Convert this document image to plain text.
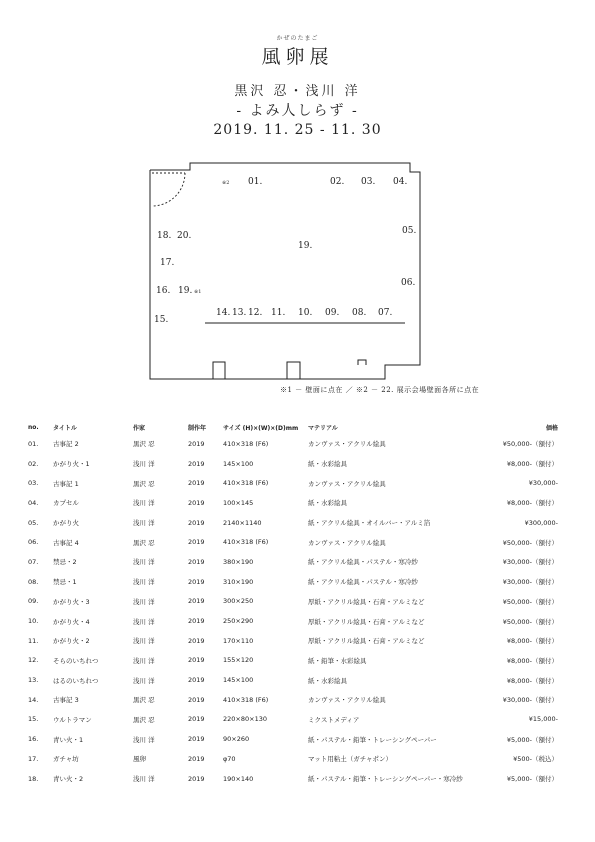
かぜのたまご
風卵展
黒沢 忍・浅川 洋
- よみ人しらず -
2019. 11. 25 - 11. 30
※2 01.	02. 03. 04.
05.
06.
18. 20.
19.
17.
16. 19. ※1
15.
14. 13. 12. 11. 10. 09. 08. 07.
※1 － 壁面に点在 ／ ※2 － 22. 展示会場壁面各所に点在
no.	タイトル	作家	制作年	サイズ (H)×(W)×(D)mm	マテリアル	価格
01.	古事記 2	黒沢 忍	2019	410×318 (F6)	カンヴァス・アクリル絵具	¥50,000-（額付）
02.	かがり火・1	浅川 洋	2019	145×100	紙・水彩絵具	¥8,000-（額付）
03.	古事記 1	黒沢 忍	2019	410×318 (F6)	カンヴァス・アクリル絵具	¥30,000-
04.	カプセル	浅川 洋	2019	100×145	紙・水彩絵具	¥8,000-（額付）
05.	かがり火	浅川 洋	2019	2140×1140	紙・アクリル絵具・オイルバー・アルミ箔	¥300,000-
06.	古事記 4	黒沢 忍	2019	410×318 (F6)	カンヴァス・アクリル絵具	¥50,000-（額付）
07.	禁忌・2	浅川 洋	2019	380×190	紙・アクリル絵具・パステル・寒冷紗	¥30,000-（額付）
08.	禁忌・1	浅川 洋	2019	310×190	紙・アクリル絵具・パステル・寒冷紗	¥30,000-（額付）
09.	かがり火・3	浅川 洋	2019	300×250	厚紙・アクリル絵具・石膏・アルミなど	¥50,000-（額付）
10.	かがり火・4	浅川 洋	2019	250×290	厚紙・アクリル絵具・石膏・アルミなど	¥50,000-（額付）
11.	かがり火・2	浅川 洋	2019	170×110	厚紙・アクリル絵具・石膏・アルミなど	¥8,000-（額付）
12.	そらのいちれつ	浅川 洋	2019	155×120	紙・鉛筆・水彩絵具	¥8,000-（額付）
13.	はるのいちれつ	浅川 洋	2019	145×100	紙・水彩絵具	¥8,000-（額付）
14.	古事記 3	黒沢 忍	2019	410×318 (F6)	カンヴァス・アクリル絵具	¥30,000-（額付）
15.	ウルトラマン	黒沢 忍	2019	220×80×130	ミクストメディア	¥15,000-
16.	青い火・1	浅川 洋	2019	90×260	紙・パステル・鉛筆・トレーシングペーパー	¥5,000-（額付）
17.	ガチャ坊	風卵	2019	φ70	マット用粘土（ガチャポン）	¥500-（税込）
18.	青い火・2	浅川 洋	2019	190×140	紙・パステル・鉛筆・トレーシングペーパー・寒冷紗	¥5,000-（額付）
